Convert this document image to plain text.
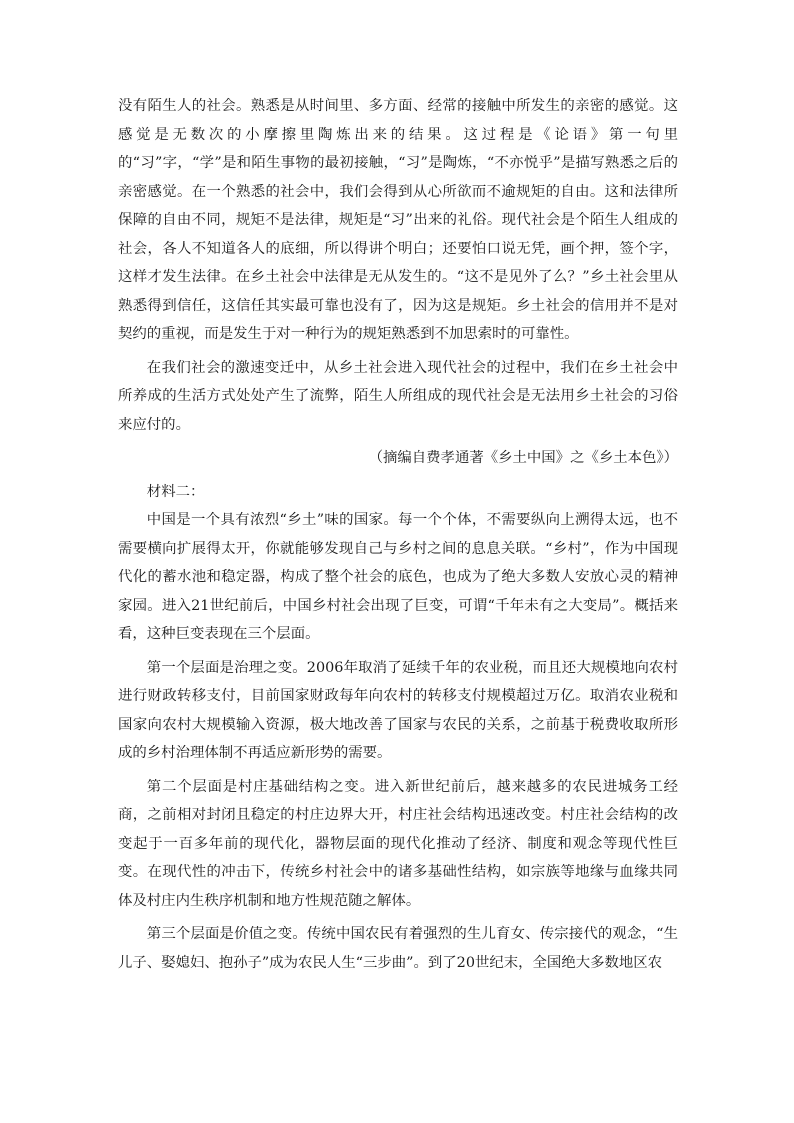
没有陌生人的社会。熟悉是从时间里、多方面、经常的接触中所发生的亲密的感觉。这感觉是无数次的小摩擦里陶炼出来的结果。这过程是《论语》第一句里的“习”字，“学”是和陌生事物的最初接触，“习”是陶炼，“不亦悦乎”是描写熟悉之后的亲密感觉。在一个熟悉的社会中，我们会得到从心所欲而不逾规矩的自由。这和法律所保障的自由不同，规矩不是法律，规矩是“习”出来的礼俗。现代社会是个陌生人组成的社会，各人不知道各人的底细，所以得讲个明白；还要怕口说无凭，画个押，签个字，这样才发生法律。在乡土社会中法律是无从发生的。“这不是见外了么？”乡土社会里从熟悉得到信任，这信任其实最可靠也没有了，因为这是规矩。乡土社会的信用并不是对契约的重视，而是发生于对一种行为的规矩熟悉到不加思索时的可靠性。

在我们社会的激速变迁中，从乡土社会进入现代社会的过程中，我们在乡土社会中所养成的生活方式处处产生了流弊，陌生人所组成的现代社会是无法用乡土社会的习俗来应付的。

（摘编自费孝通著《乡土中国》之《乡土本色》）

材料二：

中国是一个具有浓烈“乡土”味的国家。每一个个体，不需要纵向上溯得太远，也不需要横向扩展得太开，你就能够发现自己与乡村之间的息息关联。“乡村”，作为中国现代化的蓄水池和稳定器，构成了整个社会的底色，也成为了绝大多数人安放心灵的精神家园。进入21世纪前后，中国乡村社会出现了巨变，可谓“千年未有之大变局”。概括来看，这种巨变表现在三个层面。

第一个层面是治理之变。2006年取消了延续千年的农业税，而且还大规模地向农村进行财政转移支付，目前国家财政每年向农村的转移支付规模超过万亿。取消农业税和国家向农村大规模输入资源，极大地改善了国家与农民的关系，之前基于税费收取所形成的乡村治理体制不再适应新形势的需要。

第二个层面是村庄基础结构之变。进入新世纪前后，越来越多的农民进城务工经商，之前相对封闭且稳定的村庄边界大开，村庄社会结构迅速改变。村庄社会结构的改变起于一百多年前的现代化，器物层面的现代化推动了经济、制度和观念等现代性巨变。在现代性的冲击下，传统乡村社会中的诸多基础性结构，如宗族等地缘与血缘共同体及村庄内生秩序机制和地方性规范随之解体。

第三个层面是价值之变。传统中国农民有着强烈的生儿育女、传宗接代的观念，“生儿子、娶媳妇、抱孙子”成为农民人生“三步曲”。到了20世纪末，全国绝大多数地区农
